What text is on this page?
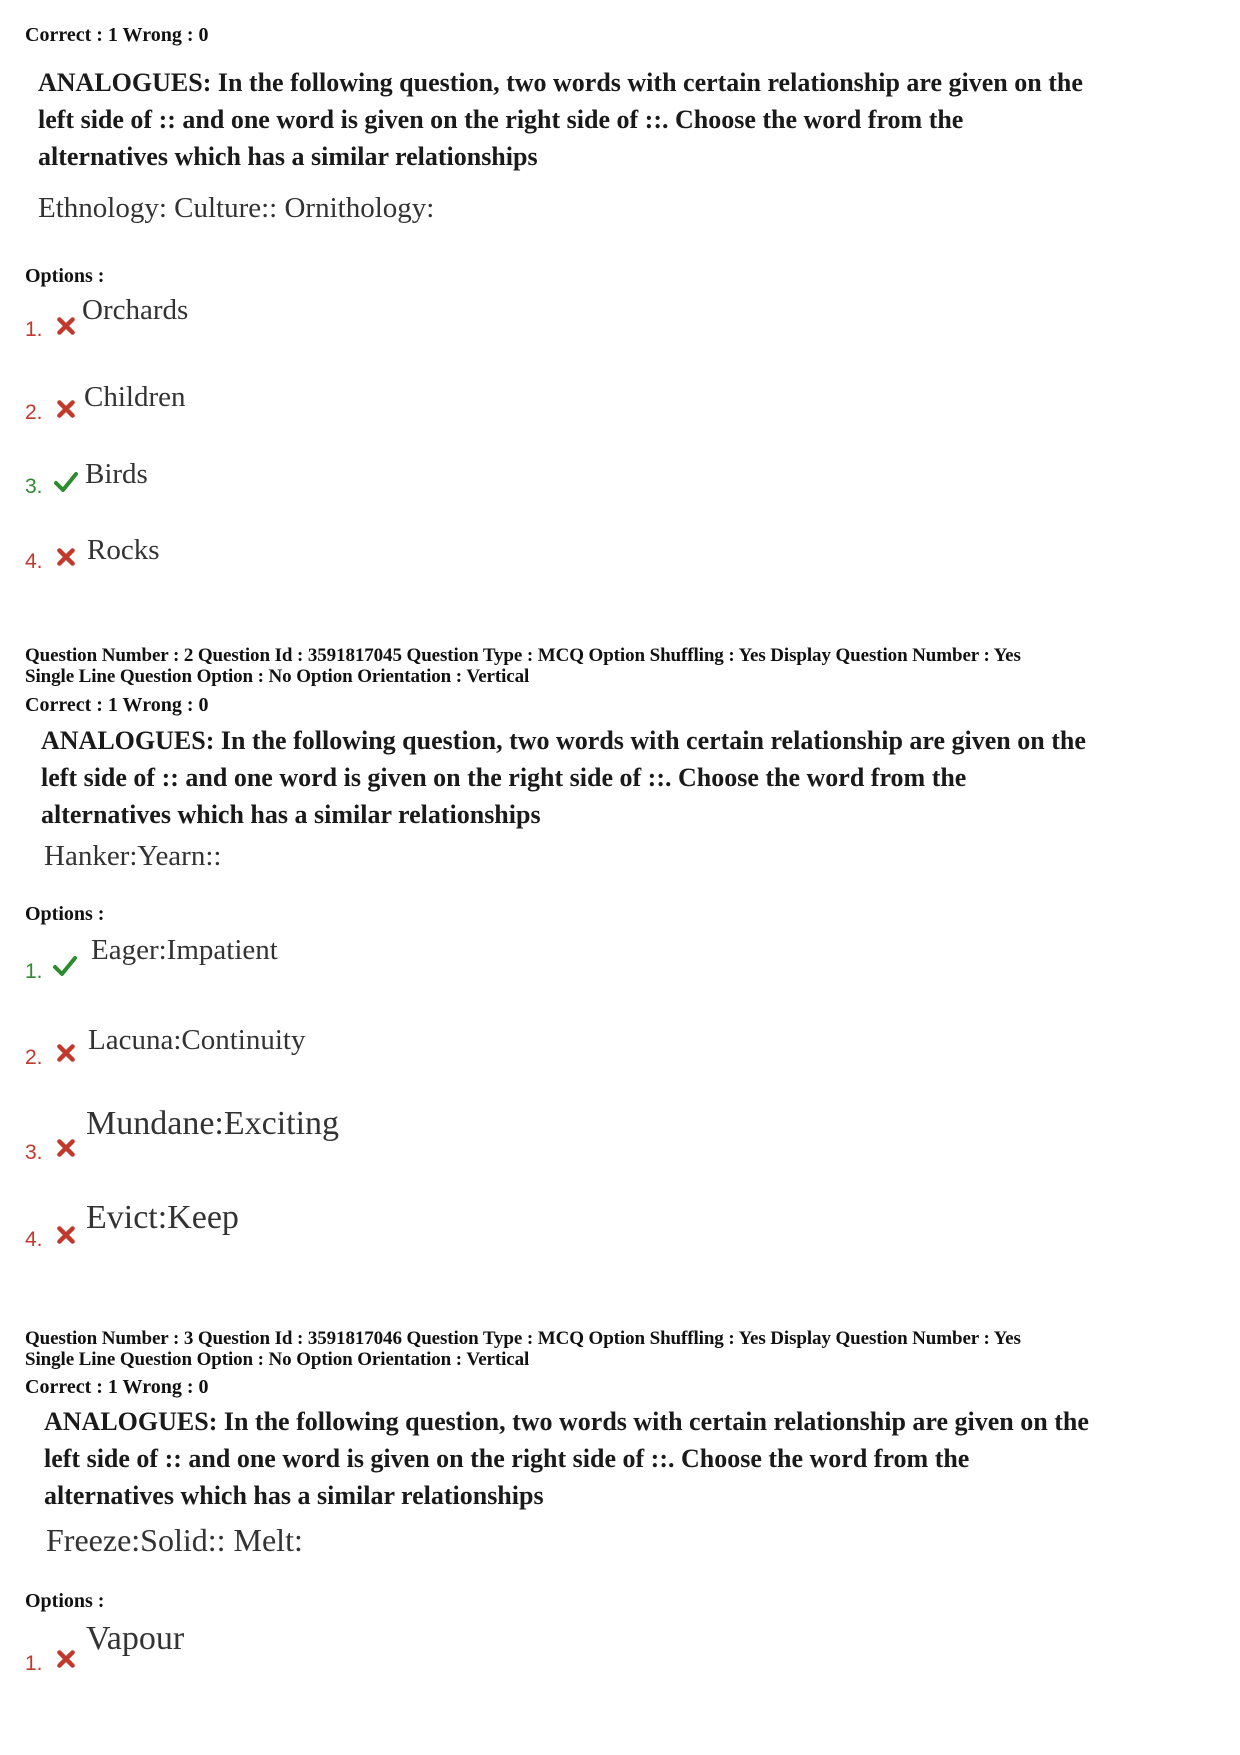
Correct : 1 Wrong : 0
ANALOGUES: In the following question, two words with certain relationship are given on the left side of :: and one word is given on the right side of ::. Choose the word from the alternatives which has a similar relationships
Ethnology: Culture:: Ornithology:
Options :
1.
Orchards
2. Children
3. Birds
4. Rocks
Question Number : 2 Question Id : 3591817045 Question Type : MCQ Option Shuffling : Yes Display Question Number : Yes
Single Line Question Option : No Option Orientation : Vertical
Correct : 1 Wrong : 0
ANALOGUES: In the following question, two words with certain relationship are given on the left side of :: and one word is given on the right side of ::. Choose the word from the alternatives which has a similar relationships
Hanker:Yearn::
Options :
1.
Eager:Impatient
2.
Lacuna:Continuity
3.
Mundane:Exciting
4.
Evict:Keep
Question Number : 3 Question Id : 3591817046 Question Type : MCQ Option Shuffling : Yes Display Question Number : Yes
Single Line Question Option : No Option Orientation : Vertical
Correct : 1 Wrong : 0
ANALOGUES: In the following question, two words with certain relationship are given on the left side of :: and one word is given on the right side of ::. Choose the word from the alternatives which has a similar relationships
Freeze:Solid:: Melt:
Options :
1.
Vapour
